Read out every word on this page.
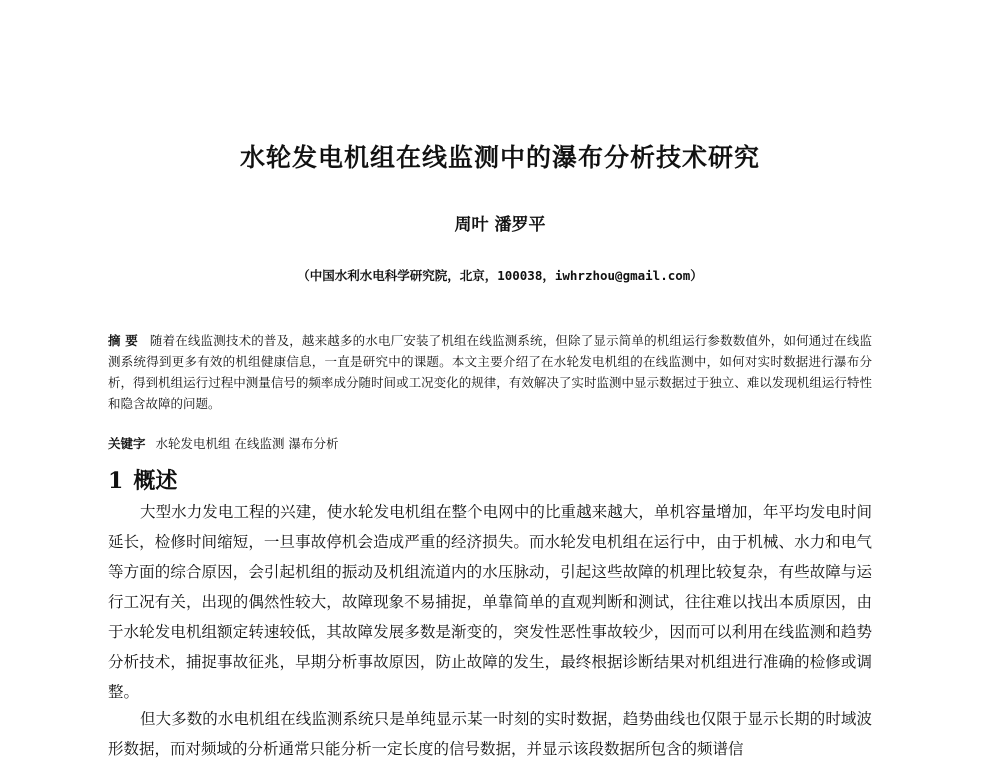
水轮发电机组在线监测中的瀑布分析技术研究
周叶 潘罗平
（中国水利水电科学研究院，北京，100038，iwhrzhou@gmail.com）
摘 要 随着在线监测技术的普及，越来越多的水电厂安装了机组在线监测系统，但除了显示简单的机组运行参数数值外，如何通过在线监测系统得到更多有效的机组健康信息，一直是研究中的课题。本文主要介绍了在水轮发电机组的在线监测中，如何对实时数据进行瀑布分析，得到机组运行过程中测量信号的频率成分随时间或工况变化的规律，有效解决了实时监测中显示数据过于独立、难以发现机组运行特性和隐含故障的问题。
关键字 水轮发电机组 在线监测 瀑布分析
1 概述

大型水力发电工程的兴建，使水轮发电机组在整个电网中的比重越来越大，单机容量增加，年平均发电时间延长，检修时间缩短，一旦事故停机会造成严重的经济损失。而水轮发电机组在运行中，由于机械、水力和电气等方面的综合原因，会引起机组的振动及机组流道内的水压脉动，引起这些故障的机理比较复杂，有些故障与运行工况有关，出现的偶然性较大，故障现象不易捕捉，单靠简单的直观判断和测试，往往难以找出本质原因，由于水轮发电机组额定转速较低，其故障发展多数是渐变的，突发性恶性事故较少，因而可以利用在线监测和趋势分析技术，捕捉事故征兆，早期分析事故原因，防止故障的发生，最终根据诊断结果对机组进行准确的检修或调整。

但大多数的水电机组在线监测系统只是单纯显示某一时刻的实时数据，趋势曲线也仅限于显示长期的时域波形数据，而对频域的分析通常只能分析一定长度的信号数据，并显示该段数据所包含的频谱信
